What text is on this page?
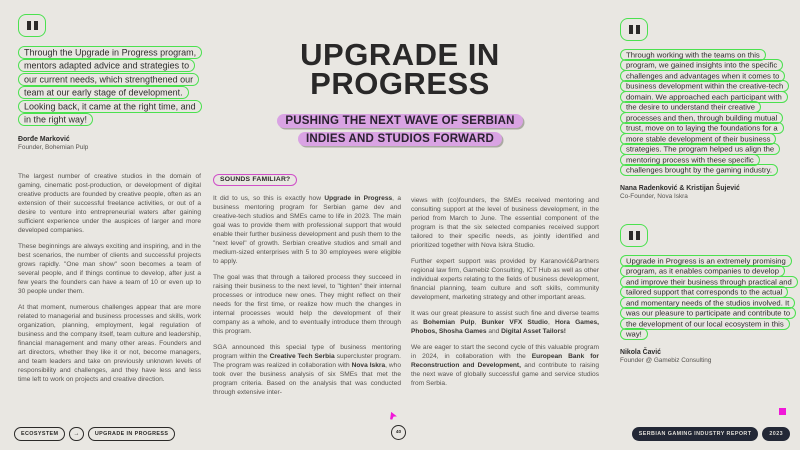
Through the Upgrade in Progress program, mentors adapted advice and strategies to our current needs, which strengthened our team at our early stage of development. Looking back, it came at the right time, and in the right way!

Đorđe Marković

Founder, Bohemian Pulp

The largest number of creative studios in the domain of gaming, cinematic post-production, or development of digital creative products are founded by creative people, often as an extension of their successful freelance activities, or out of a desire to venture into entrepreneurial waters after gaining sufficient experience under the auspices of larger and more developed companies.

These beginnings are always exciting and inspiring, and in the best scenarios, the number of clients and successful projects grows rapidly. "One man show" soon becomes a team of several people, and if things continue to develop, after just a few years the founders can have a team of 10 or even up to 30 people under them.

At that moment, numerous challenges appear that are more related to managerial and business processes and skills, work organization, planning, employment, legal regulation of business and the company itself, team culture and leadership, financial management and many other areas. Founders and art directors, whether they like it or not, become managers, and team leaders and take on previously unknown levels of responsibility and challenges, and they have less and less time left to work on projects and creative direction.

UPGRADE IN
PROGRESS
PUSHING THE NEXT WAVE OF SERBIAN
INDIES AND STUDIOS FORWARD
SOUNDS FAMILIAR?

It did to us, so this is exactly how Upgrade in Progress, a business mentoring program for Serbian game dev and creative-tech studios and SMEs came to life in 2023. The main goal was to provide them with professional support that would enable their further business development and push them to the "next level" of growth. Serbian creative studios and small and medium-sized enterprises with 5 to 30 employees were eligible to apply.

The goal was that through a tailored process they succeed in raising their business to the next level, to "tighten" their internal processes or introduce new ones. They might reflect on their needs for the first time, or realize how much the changes in internal processes would help the development of their company as a whole, and to eventually introduce them through this program.

SGA announced this special type of business mentoring program within the Creative Tech Serbia supercluster program. The program was realized in collaboration with Nova Iskra, who took over the business analysis of six SMEs that met the program criteria. Based on the analysis that was conducted through extensive inter-

views with (co)founders, the SMEs received mentoring and consulting support at the level of business development, in the period from March to June. The essential component of the program is that the six selected companies received support tailored to their specific needs, as jointly identified and prioritized together with Nova Iskra Studio.

Further expert support was provided by Karanović&Partners regional law firm, Gamebiz Consulting, ICT Hub as well as other individual experts relating to the fields of business development, financial planning, team culture and soft skills, community development, marketing strategy and other important areas.

It was our great pleasure to assist such fine and diverse teams as Bohemian Pulp, Bunker VFX Studio, Hora Games, Phobos, Shosha Games and Digital Asset Tailors!

We are eager to start the second cycle of this valuable program in 2024, in collaboration with the European Bank for Reconstruction and Development, and contribute to raising the next wave of globally successful game and service studios from Serbia.

Through working with the teams on this program, we gained insights into the specific challenges and advantages when it comes to business development within the creative-tech domain. We approached each participant with the desire to understand their creative processes and then, through building mutual trust, move on to laying the foundations for a more stable development of their business strategies. The program helped us align the mentoring process with these specific challenges brought by the gaming industry.

Nana Radenković & Kristijan Šujević

Co-Founder, Nova Iskra

Upgrade in Progress is an extremely promising program, as it enables companies to develop and improve their business through practical and tailored support that corresponds to the actual and momentary needs of the studios involved. It was our pleasure to participate and contribute to the development of our local ecosystem in this way!

Nikola Čavić

Founder @ Gamebiz Consulting

ECOSYSTEM	→	UPGRADE IN PROGRESS	40	SERBIAN GAMING INDUSTRY REPORT	2023
